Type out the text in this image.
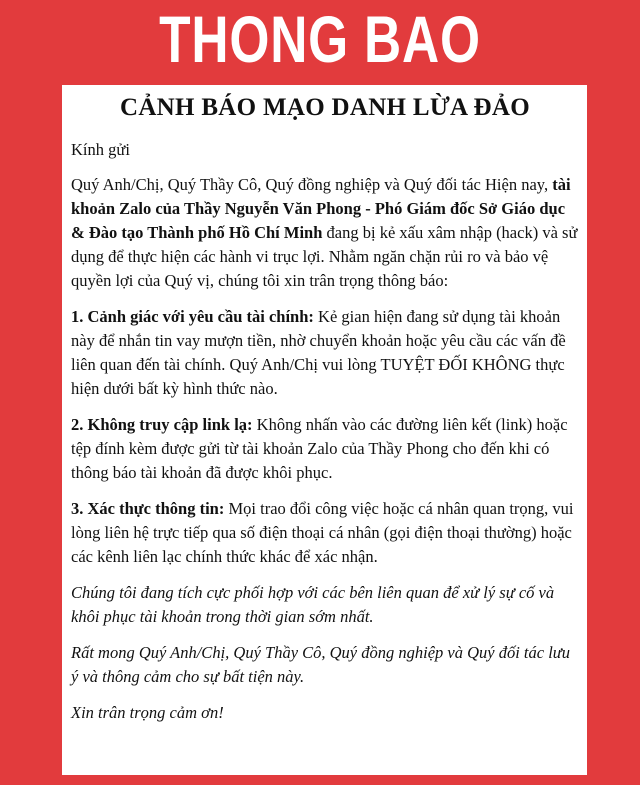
THONG BAO
CẢNH BÁO MẠO DANH LỪA ĐẢO

Kính gửi

Quý Anh/Chị, Quý Thầy Cô, Quý đồng nghiệp và Quý đối tác Hiện nay, tài khoản Zalo của Thầy Nguyễn Văn Phong - Phó Giám đốc Sở Giáo dục & Đào tạo Thành phố Hồ Chí Minh đang bị kẻ xấu xâm nhập (hack) và sử dụng để thực hiện các hành vi trục lợi. Nhằm ngăn chặn rủi ro và bảo vệ quyền lợi của Quý vị, chúng tôi xin trân trọng thông báo:

1. Cảnh giác với yêu cầu tài chính: Kẻ gian hiện đang sử dụng tài khoản này để nhắn tin vay mượn tiền, nhờ chuyển khoản hoặc yêu cầu các vấn đề liên quan đến tài chính. Quý Anh/Chị vui lòng TUYỆT ĐỐI KHÔNG thực hiện dưới bất kỳ hình thức nào.

2. Không truy cập link lạ: Không nhấn vào các đường liên kết (link) hoặc tệp đính kèm được gửi từ tài khoản Zalo của Thầy Phong cho đến khi có thông báo tài khoản đã được khôi phục.

3. Xác thực thông tin: Mọi trao đổi công việc hoặc cá nhân quan trọng, vui lòng liên hệ trực tiếp qua số điện thoại cá nhân (gọi điện thoại thường) hoặc các kênh liên lạc chính thức khác để xác nhận.

Chúng tôi đang tích cực phối hợp với các bên liên quan để xử lý sự cố và khôi phục tài khoản trong thời gian sớm nhất.

Rất mong Quý Anh/Chị, Quý Thầy Cô, Quý đồng nghiệp và Quý đối tác lưu ý và thông cảm cho sự bất tiện này.

Xin trân trọng cảm ơn!
